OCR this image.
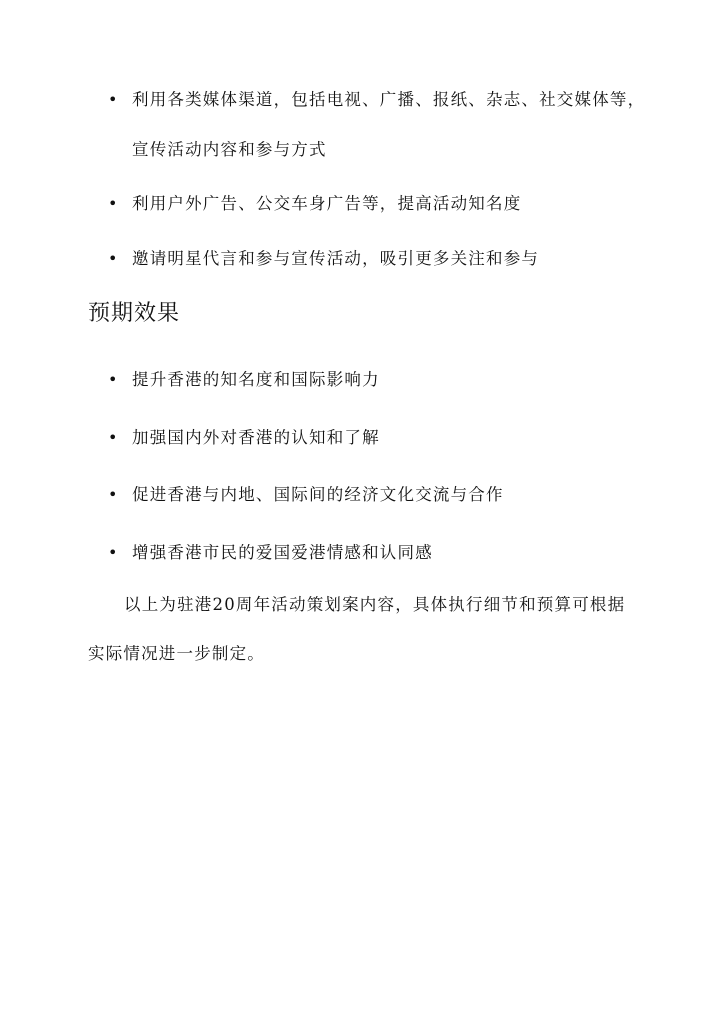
• 利用各类媒体渠道，包括电视、广播、报纸、杂志、社交媒体等，宣传活动内容和参与方式
• 利用户外广告、公交车身广告等，提高活动知名度
• 邀请明星代言和参与宣传活动，吸引更多关注和参与
预期效果
• 提升香港的知名度和国际影响力
• 加强国内外对香港的认知和了解
• 促进香港与内地、国际间的经济文化交流与合作
• 增强香港市民的爱国爱港情感和认同感

以上为驻港20周年活动策划案内容，具体执行细节和预算可根据实际情况进一步制定。
